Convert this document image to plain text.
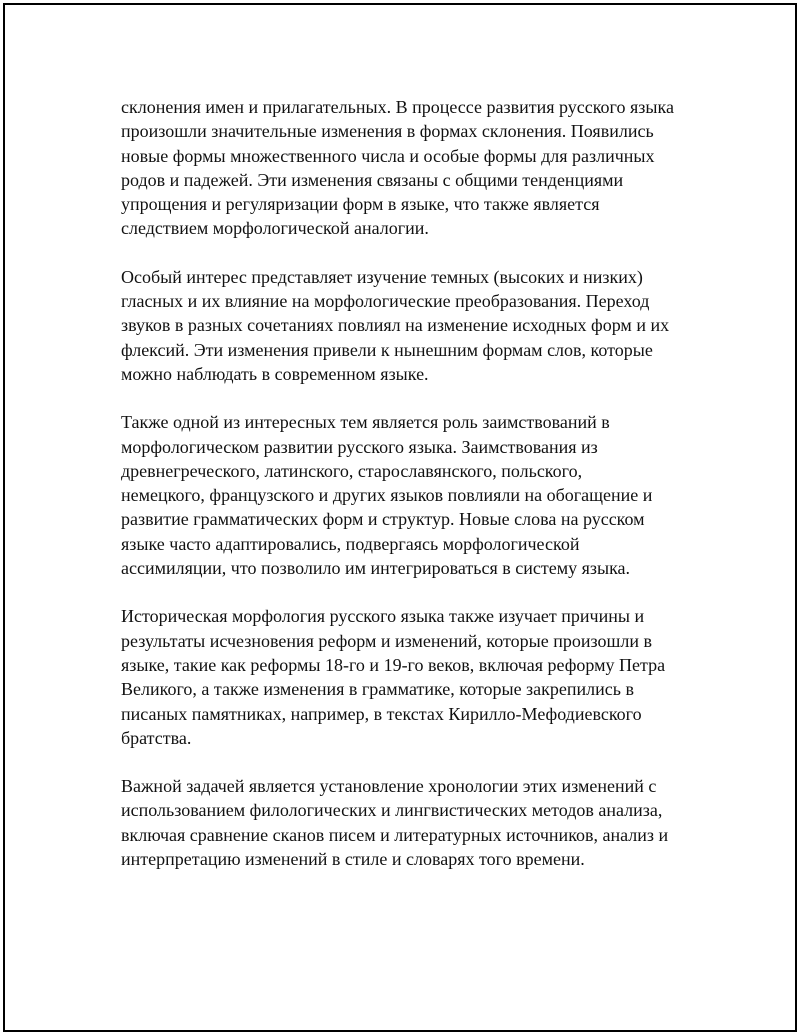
склонения имен и прилагательных. В процессе развития русского языка
произошли значительные изменения в формах склонения. Появились
новые формы множественного числа и особые формы для различных
родов и падежей. Эти изменения связаны с общими тенденциями
упрощения и регуляризации форм в языке, что также является
следствием морфологической аналогии.

Особый интерес представляет изучение темных (высоких и низких)
гласных и их влияние на морфологические преобразования. Переход
звуков в разных сочетаниях повлиял на изменение исходных форм и их
флексий. Эти изменения привели к нынешним формам слов, которые
можно наблюдать в современном языке.

Также одной из интересных тем является роль заимствований в
морфологическом развитии русского языка. Заимствования из
древнегреческого, латинского, старославянского, польского,
немецкого, французского и других языков повлияли на обогащение и
развитие грамматических форм и структур. Новые слова на русском
языке часто адаптировались, подвергаясь морфологической
ассимиляции, что позволило им интегрироваться в систему языка.

Историческая морфология русского языка также изучает причины и
результаты исчезновения реформ и изменений, которые произошли в
языке, такие как реформы 18-го и 19-го веков, включая реформу Петра
Великого, а также изменения в грамматике, которые закрепились в
писаных памятниках, например, в текстах Кирилло-Мефодиевского
братства.

Важной задачей является установление хронологии этих изменений с
использованием филологических и лингвистических методов анализа,
включая сравнение сканов писем и литературных источников, анализ и
интерпретацию изменений в стиле и словарях того времени.
